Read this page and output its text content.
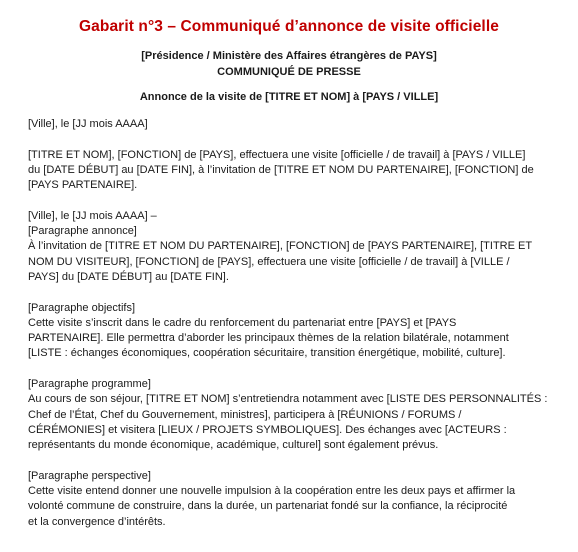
Gabarit n°3 – Communiqué d’annonce de visite officielle
[Présidence / Ministère des Affaires étrangères de PAYS]
COMMUNIQUÉ DE PRESSE
Annonce de la visite de [TITRE ET NOM] à [PAYS / VILLE]
[Ville], le [JJ mois AAAA]
[TITRE ET NOM], [FONCTION] de [PAYS], effectuera une visite [officielle / de travail] à [PAYS / VILLE]
du [DATE DÉBUT] au [DATE FIN], à l’invitation de [TITRE ET NOM DU PARTENAIRE], [FONCTION] de
[PAYS PARTENAIRE].
[Ville], le [JJ mois AAAA] –
[Paragraphe annonce]
À l’invitation de [TITRE ET NOM DU PARTENAIRE], [FONCTION] de [PAYS PARTENAIRE], [TITRE ET
NOM DU VISITEUR], [FONCTION] de [PAYS], effectuera une visite [officielle / de travail] à [VILLE /
PAYS] du [DATE DÉBUT] au [DATE FIN].
[Paragraphe objectifs]
Cette visite s’inscrit dans le cadre du renforcement du partenariat entre [PAYS] et [PAYS
PARTENAIRE]. Elle permettra d’aborder les principaux thèmes de la relation bilatérale, notamment
[LISTE : échanges économiques, coopération sécuritaire, transition énergétique, mobilité, culture].
[Paragraphe programme]
Au cours de son séjour, [TITRE ET NOM] s’entretiendra notamment avec [LISTE DES PERSONNALITÉS :
Chef de l’État, Chef du Gouvernement, ministres], participera à [RÉUNIONS / FORUMS /
CÉRÉMONIES] et visitera [LIEUX / PROJETS SYMBOLIQUES]. Des échanges avec [ACTEURS :
représentants du monde économique, académique, culturel] sont également prévus.
[Paragraphe perspective]
Cette visite entend donner une nouvelle impulsion à la coopération entre les deux pays et affirmer la
volonté commune de construire, dans la durée, un partenariat fondé sur la confiance, la réciprocité
et la convergence d’intérêts.
